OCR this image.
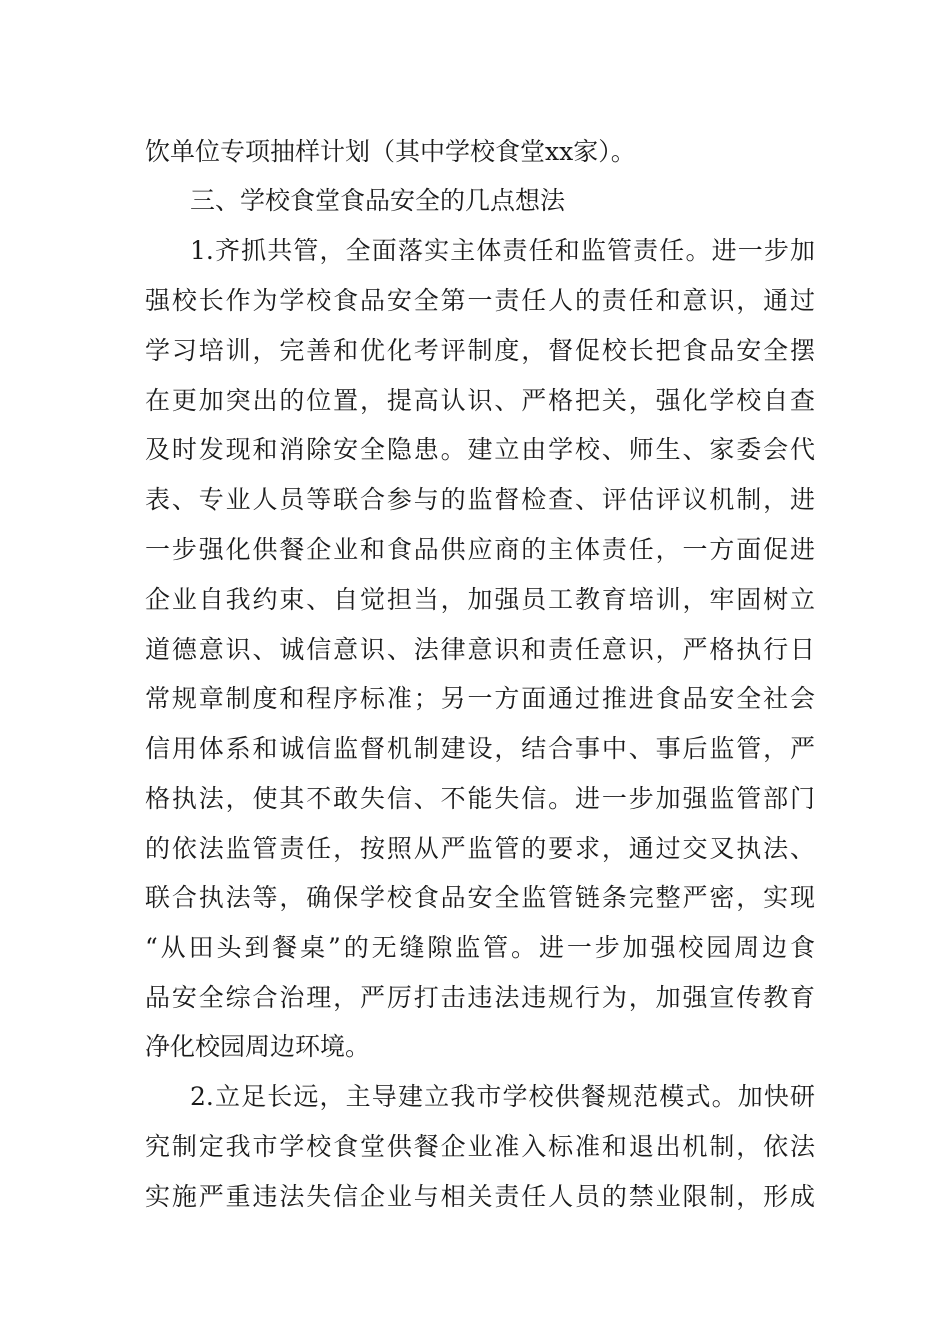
饮单位专项抽样计划（其中学校食堂xx家）。
三、学校食堂食品安全的几点想法
1.齐抓共管，全面落实主体责任和监管责任。进一步加
强校长作为学校食品安全第一责任人的责任和意识，通过
学习培训，完善和优化考评制度，督促校长把食品安全摆
在更加突出的位置，提高认识、严格把关，强化学校自查
及时发现和消除安全隐患。建立由学校、师生、家委会代
表、专业人员等联合参与的监督检查、评估评议机制，进
一步强化供餐企业和食品供应商的主体责任，一方面促进
企业自我约束、自觉担当，加强员工教育培训，牢固树立
道德意识、诚信意识、法律意识和责任意识，严格执行日
常规章制度和程序标准；另一方面通过推进食品安全社会
信用体系和诚信监督机制建设，结合事中、事后监管，严
格执法，使其不敢失信、不能失信。进一步加强监管部门
的依法监管责任，按照从严监管的要求，通过交叉执法、
联合执法等，确保学校食品安全监管链条完整严密，实现
“从田头到餐桌”的无缝隙监管。进一步加强校园周边食
品安全综合治理，严厉打击违法违规行为，加强宣传教育
净化校园周边环境。
2.立足长远，主导建立我市学校供餐规范模式。加快研
究制定我市学校食堂供餐企业准入标准和退出机制，依法
实施严重违法失信企业与相关责任人员的禁业限制，形成
